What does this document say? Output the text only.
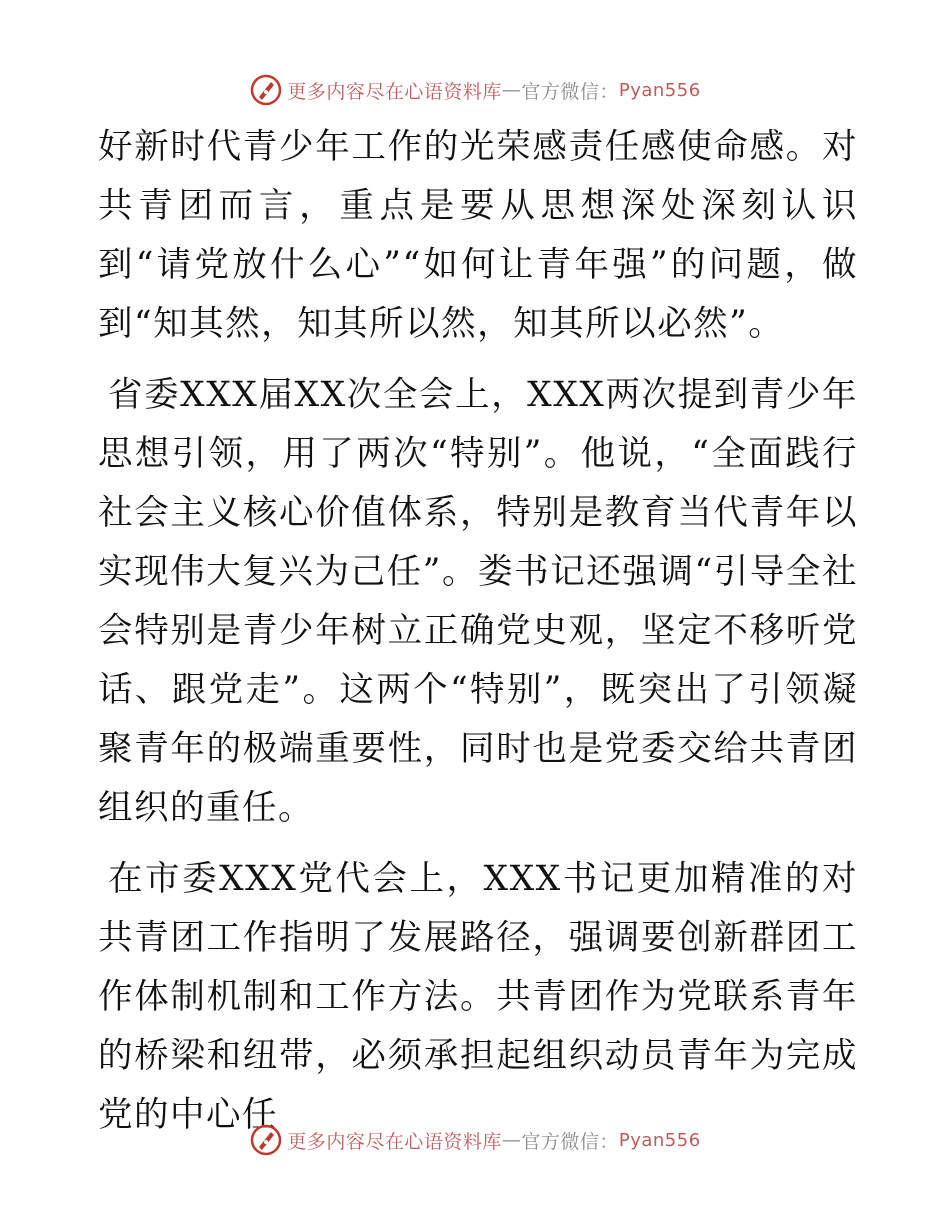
更多内容尽在心语资料库 — 官方微信： Pyan556

好新时代青少年工作的光荣感责任感使命感。对共青团而言，重点是要从思想深处深刻认识到“请党放什么心”“如何让青年强”的问题，做到“知其然，知其所以然，知其所以必然”。

省委XXX届XX次全会上，XXX两次提到青少年思想引领，用了两次“特别”。他说，“全面践行社会主义核心价值体系，特别是教育当代青年以实现伟大复兴为己任”。娄书记还强调“引导全社会特别是青少年树立正确党史观，坚定不移听党话、跟党走”。这两个“特别”，既突出了引领凝聚青年的极端重要性，同时也是党委交给共青团组织的重任。

在市委XXX党代会上，XXX书记更加精准的对共青团工作指明了发展路径，强调要创新群团工作体制机制和工作方法。共青团作为党联系青年的桥梁和纽带，必须承担起组织动员青年为完成党的中心任

更多内容尽在心语资料库 — 官方微信： Pyan556
